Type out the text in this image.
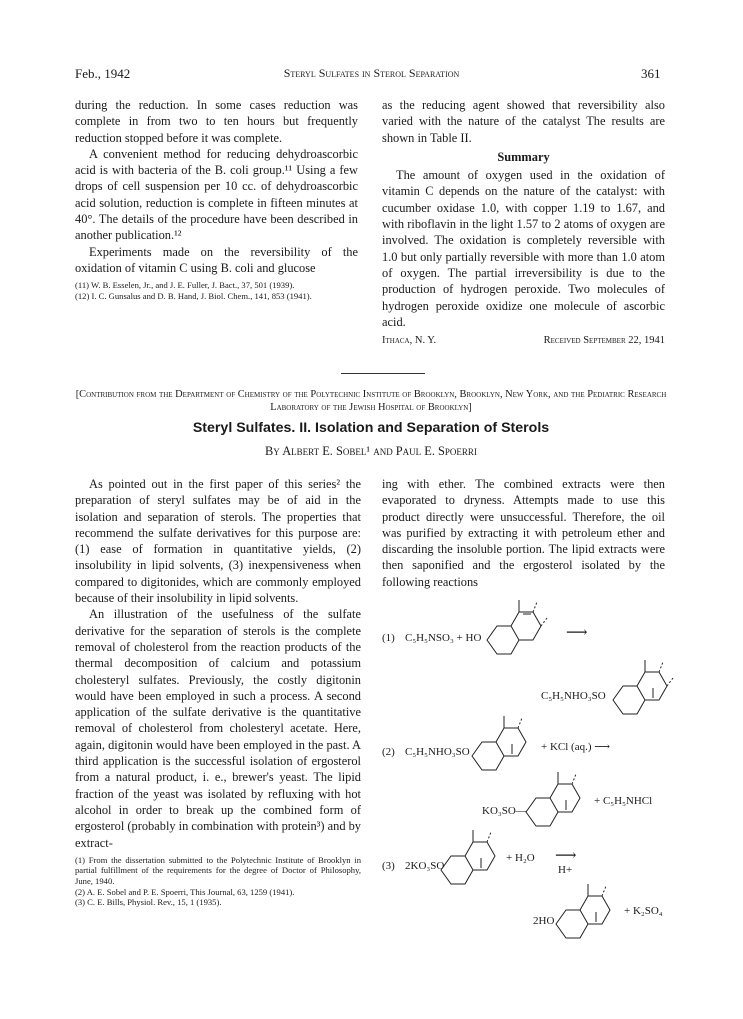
Feb., 1942	Steryl Sulfates in Sterol Separation	361

during the reduction. In some cases reduction was complete in from two to ten hours but frequently reduction stopped before it was complete.

A convenient method for reducing dehydroascorbic acid is with bacteria of the B. coli group.¹¹ Using a few drops of cell suspension per 10 cc. of dehydroascorbic acid solution, reduction is complete in fifteen minutes at 40°. The details of the procedure have been described in another publication.¹²

Experiments made on the reversibility of the oxidation of vitamin C using B. coli and glucose

(11) W. B. Esselen, Jr., and J. E. Fuller, J. Bact., 37, 501 (1939).

(12) I. C. Gunsalus and D. B. Hand, J. Biol. Chem., 141, 853 (1941).

as the reducing agent showed that reversibility also varied with the nature of the catalyst The results are shown in Table II.

Summary

The amount of oxygen used in the oxidation of vitamin C depends on the nature of the catalyst: with cucumber oxidase 1.0, with copper 1.19 to 1.67, and with riboflavin in the light 1.57 to 2 atoms of oxygen are involved. The oxidation is completely reversible with 1.0 but only partially reversible with more than 1.0 atom of oxygen. The partial irreversibility is due to the production of hydrogen peroxide. Two molecules of hydrogen peroxide oxidize one molecule of ascorbic acid.

Ithaca, N. Y.	Received September 22, 1941
[Contribution from the Department of Chemistry of the Polytechnic Institute of Brooklyn, Brooklyn, New York, and the Pediatric Research Laboratory of the Jewish Hospital of Brooklyn]
Steryl Sulfates. II. Isolation and Separation of Sterols
By Albert E. Sobel¹ and Paul E. Spoerri

As pointed out in the first paper of this series² the preparation of steryl sulfates may be of aid in the isolation and separation of sterols. The properties that recommend the sulfate derivatives for this purpose are: (1) ease of formation in quantitative yields, (2) insolubility in lipid solvents, (3) inexpensiveness when compared to digitonides, which are commonly employed because of their insolubility in lipid solvents.

An illustration of the usefulness of the sulfate derivative for the separation of sterols is the complete removal of cholesterol from the reaction products of the thermal decomposition of calcium and potassium cholesteryl sulfates. Previously, the costly digitonin would have been employed in such a process. A second application of the sulfate derivative is the quantitative removal of cholesterol from cholesteryl acetate. Here, again, digitonin would have been employed in the past. A third application is the successful isolation of ergosterol from a natural product, i. e., brewer's yeast. The lipid fraction of the yeast was isolated by refluxing with hot alcohol in order to break up the combined form of ergosterol (probably in combination with protein³) and by extract-

(1) From the dissertation submitted to the Polytechnic Institute of Brooklyn in partial fulfillment of the requirements for the degree of Doctor of Philosophy, June, 1940.

(2) A. E. Sobel and P. E. Spoerri, This Journal, 63, 1259 (1941).

(3) C. E. Bills, Physiol. Rev., 15, 1 (1935).

ing with ether. The combined extracts were then evaporated to dryness. Attempts made to use this product directly were unsuccessful. Therefore, the oil was purified by extracting it with petroleum ether and discarding the insoluble portion. The lipid extracts were then saponified and the ergosterol isolated by the following reactions

(1) C₅H₅NSO₃ + HO	⟶
C₅H₅NHO₃SO
(2) C₅H₅NHO₃SO	+ KCl (aq.) ⟶
KO₃SO—
+ C₅H₅NHCl
(3) 2KO₃SO
+ H₂O ⟶
H+
2HO
+ K₂SO₄
